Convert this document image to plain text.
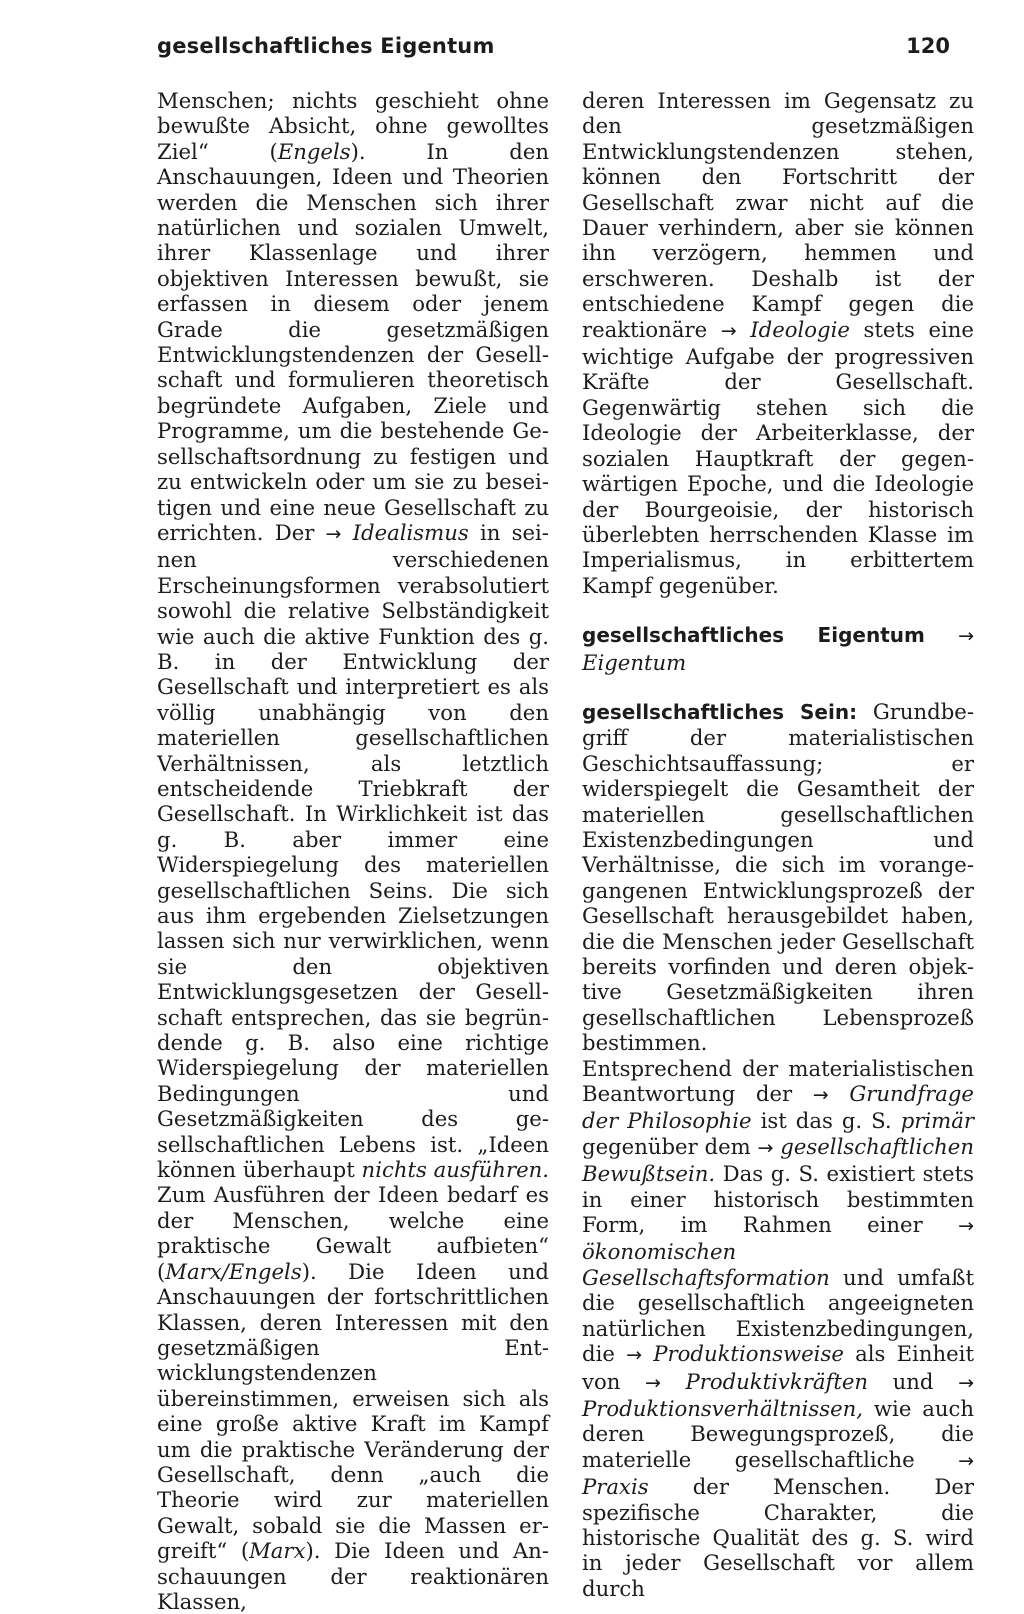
gesellschaftliches Eigentum	120

Menschen; nichts geschieht ohne bewußte Absicht, ohne gewolltes Ziel“ (Engels). In den Anschauungen, Ideen und Theorien werden die Menschen sich ihrer natürlichen und sozialen Umwelt, ihrer Klassenlage und ihrer objektiven Interessen bewußt, sie erfassen in diesem oder jenem Grade die gesetzmäßigen Entwicklungstendenzen der Gesellschaft und formulieren theoretisch begründete Aufgaben, Ziele und Programme, um die bestehende Gesellschaftsordnung zu festigen und zu entwickeln oder um sie zu beseitigen und eine neue Gesellschaft zu errichten. Der → Idealismus in seinen verschiedenen Erscheinungsformen verabsolutiert sowohl die relative Selbständigkeit wie auch die aktive Funktion des g. B. in der Entwicklung der Gesellschaft und interpretiert es als völlig unabhängig von den materiellen gesellschaftlichen Verhältnissen, als letztlich entscheidende Triebkraft der Gesellschaft. In Wirklichkeit ist das g. B. aber immer eine Widerspiegelung des materiellen gesellschaftlichen Seins. Die sich aus ihm ergebenden Zielsetzungen lassen sich nur verwirklichen, wenn sie den objektiven Entwicklungsgesetzen der Gesellschaft entsprechen, das sie begründende g. B. also eine richtige Widerspiegelung der materiellen Bedingungen und Gesetzmäßigkeiten des gesellschaftlichen Lebens ist. „Ideen können überhaupt nichts ausführen. Zum Ausführen der Ideen bedarf es der Menschen, welche eine praktische Gewalt aufbieten“ (Marx/Engels). Die Ideen und Anschauungen der fortschrittlichen Klassen, deren Interessen mit den gesetzmäßigen Entwicklungstendenzen übereinstimmen, erweisen sich als eine große aktive Kraft im Kampf um die praktische Veränderung der Gesellschaft, denn „auch die Theorie wird zur materiellen Gewalt, sobald sie die Massen ergreift“ (Marx). Die Ideen und Anschauungen der reaktionären Klassen,

deren Interessen im Gegensatz zu den gesetzmäßigen Entwicklungstendenzen stehen, können den Fortschritt der Gesellschaft zwar nicht auf die Dauer verhindern, aber sie können ihn verzögern, hemmen und erschweren. Deshalb ist der entschiedene Kampf gegen die reaktionäre → Ideologie stets eine wichtige Aufgabe der progressiven Kräfte der Gesellschaft. Gegenwärtig stehen sich die Ideologie der Arbeiterklasse, der sozialen Hauptkraft der gegenwärtigen Epoche, und die Ideologie der Bourgeoisie, der historisch überlebten herrschenden Klasse im Imperialismus, in erbittertem Kampf gegenüber.

gesellschaftliches Eigentum → Eigentum

gesellschaftliches Sein: Grundbegriff der materialistischen Geschichtsauffassung; er widerspiegelt die Gesamtheit der materiellen gesellschaftlichen Existenzbedingungen und Verhältnisse, die sich im vorangegangenen Entwicklungsprozeß der Gesellschaft herausgebildet haben, die die Menschen jeder Gesellschaft bereits vorfinden und deren objektive Gesetzmäßigkeiten ihren gesellschaftlichen Lebensprozeß bestimmen.

Entsprechend der materialistischen Beantwortung der → Grundfrage der Philosophie ist das g. S. primär gegenüber dem → gesellschaftlichen Bewußtsein. Das g. S. existiert stets in einer historisch bestimmten Form, im Rahmen einer → ökonomischen Gesellschaftsformation und umfaßt die gesellschaftlich angeeigneten natürlichen Existenzbedingungen, die → Produktionsweise als Einheit von → Produktivkräften und → Produktionsverhältnissen, wie auch deren Bewegungsprozeß, die materielle gesellschaftliche → Praxis der Menschen. Der spezifische Charakter, die historische Qualität des g. S. wird in jeder Gesellschaft vor allem durch
